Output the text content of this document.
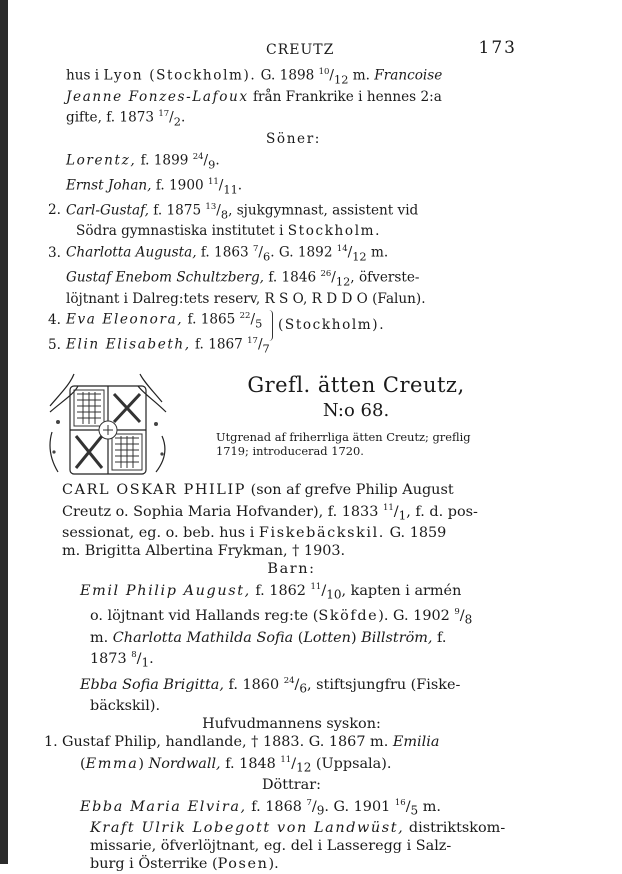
CREUTZ	173
hus i Lyon (Stockholm). G. 1898 $^{10}/_{12}$ m. Francoise
Jeanne Fonzes-Lafoux från Frankrike i hennes 2:a
gifte, f. 1873 $^{17}/_2$.
Söner:
Lorentz, f. 1899 $^{24}/_9$.
Ernst Johan, f. 1900 $^{11}/_{11}$.
2. Carl-Gustaf, f. 1875 $^{13}/_8$, sjukgymnast, assistent vid
Södra gymnastiska institutet i Stockholm.
3. Charlotta Augusta, f. 1863 $^7/_6$. G. 1892 $^{14}/_{12}$ m.
Gustaf Enebom Schultzberg, f. 1846 $^{26}/_{12}$, öfverste-
löjtnant i Dalreg:tets reserv, R S O, R D D O (Falun).
4. Eva Eleonora, f. 1865 $^{22}/_5$
5. Elin Elisabeth, f. 1867 $^{17}/_7$
(Stockholm).
Grefl. ätten Creutz,
N:o 68.
Utgrenad af friherrliga ätten Creutz; greflig
1719; introducerad 1720.
CARL OSKAR PHILIP (son af grefve Philip August
Creutz o. Sophia Maria Hofvander), f. 1833 $^{11}/_1$, f. d. pos-
sessionat, eg. o. beb. hus i Fiskebäckskil. G. 1859
m. Brigitta Albertina Frykman, † 1903.
Barn:
Emil Philip August, f. 1862 $^{11}/_{10}$, kapten i armén
o. löjtnant vid Hallands reg:te (Sköfde). G. 1902 $^9/_8$
m. Charlotta Mathilda Sofia (Lotten) Billström, f.
1873 $^8/_1$.
Ebba Sofia Brigitta, f. 1860 $^{24}/_6$, stiftsjungfru (Fiske-
bäckskil).
Hufvudmannens syskon:
1. Gustaf Philip, handlande, † 1883. G. 1867 m. Emilia
(Emma) Nordwall, f. 1848 $^{11}/_{12}$ (Uppsala).
Döttrar:
Ebba Maria Elvira, f. 1868 $^7/_9$. G. 1901 $^{16}/_5$ m.
Kraft Ulrik Lobegott von Landwüst, distriktskom-
missarie, öfverlöjtnant, eg. del i Lasseregg i Salz-
burg i Österrike (Posen).
